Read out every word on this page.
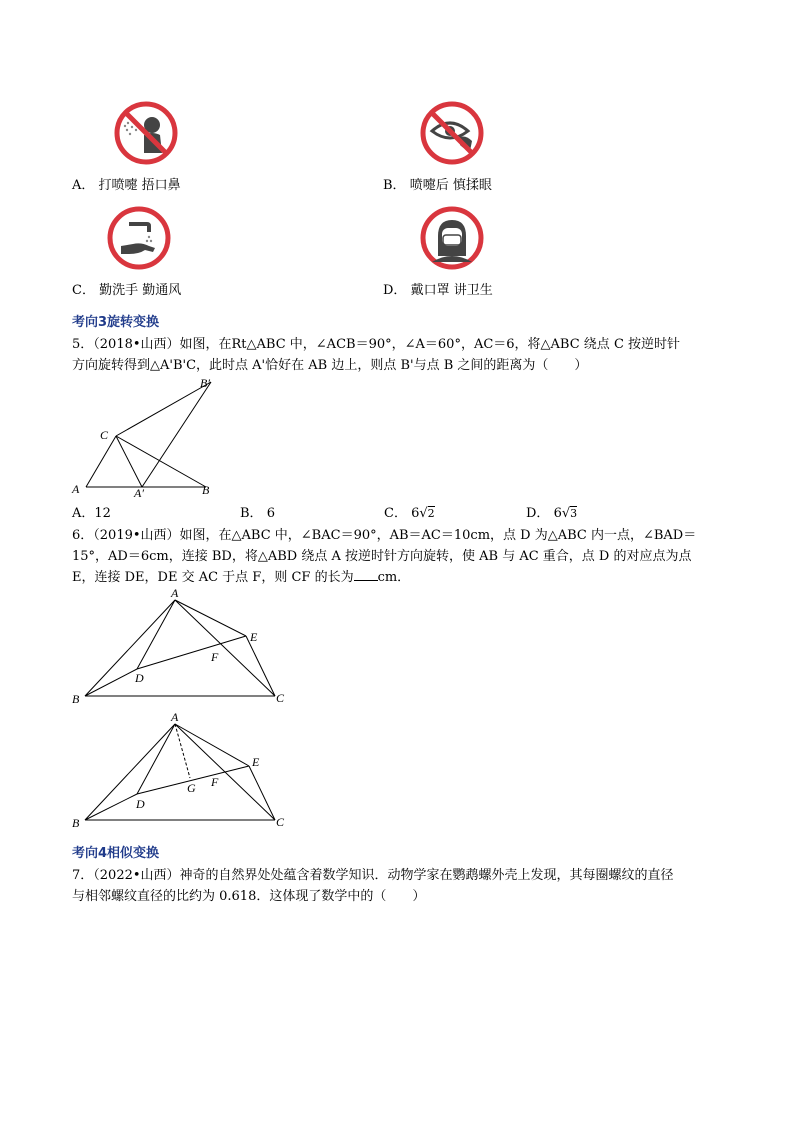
A． 打喷嚏 捂口鼻	B． 喷嚏后 慎揉眼
C． 勤洗手 勤通风	D． 戴口罩 讲卫生
考向3旋转变换
5．（2018•山西）如图，在Rt△ABC 中，∠ACB＝90°，∠A＝60°，AC＝6，将△ABC 绕点 C 按逆时针
方向旋转得到△A'B'C，此时点 A'恰好在 AB 边上，则点 B'与点 B 之间的距离为（　　）
A	B
C
A′
B′
A．12	B． 6	C． 6√2	D． 6√3
6．（2019•山西）如图，在△ABC 中，∠BAC＝90°，AB＝AC＝10cm，点 D 为△ABC 内一点，∠BAD＝
15°，AD＝6cm，连接 BD，将△ABD 绕点 A 按逆时针方向旋转，使 AB 与 AC 重合，点 D 的对应点为点
E，连接 DE，DE 交 AC 于点 F，则 CF 的长为 cm．
A
B	C
D
E
F
A
B	C
D
E
F
G
考向4相似变换
7．（2022•山西）神奇的自然界处处蕴含着数学知识．动物学家在鹦鹉螺外壳上发现，其每圈螺纹的直径
与相邻螺纹直径的比约为 0.618．这体现了数学中的（　　）
